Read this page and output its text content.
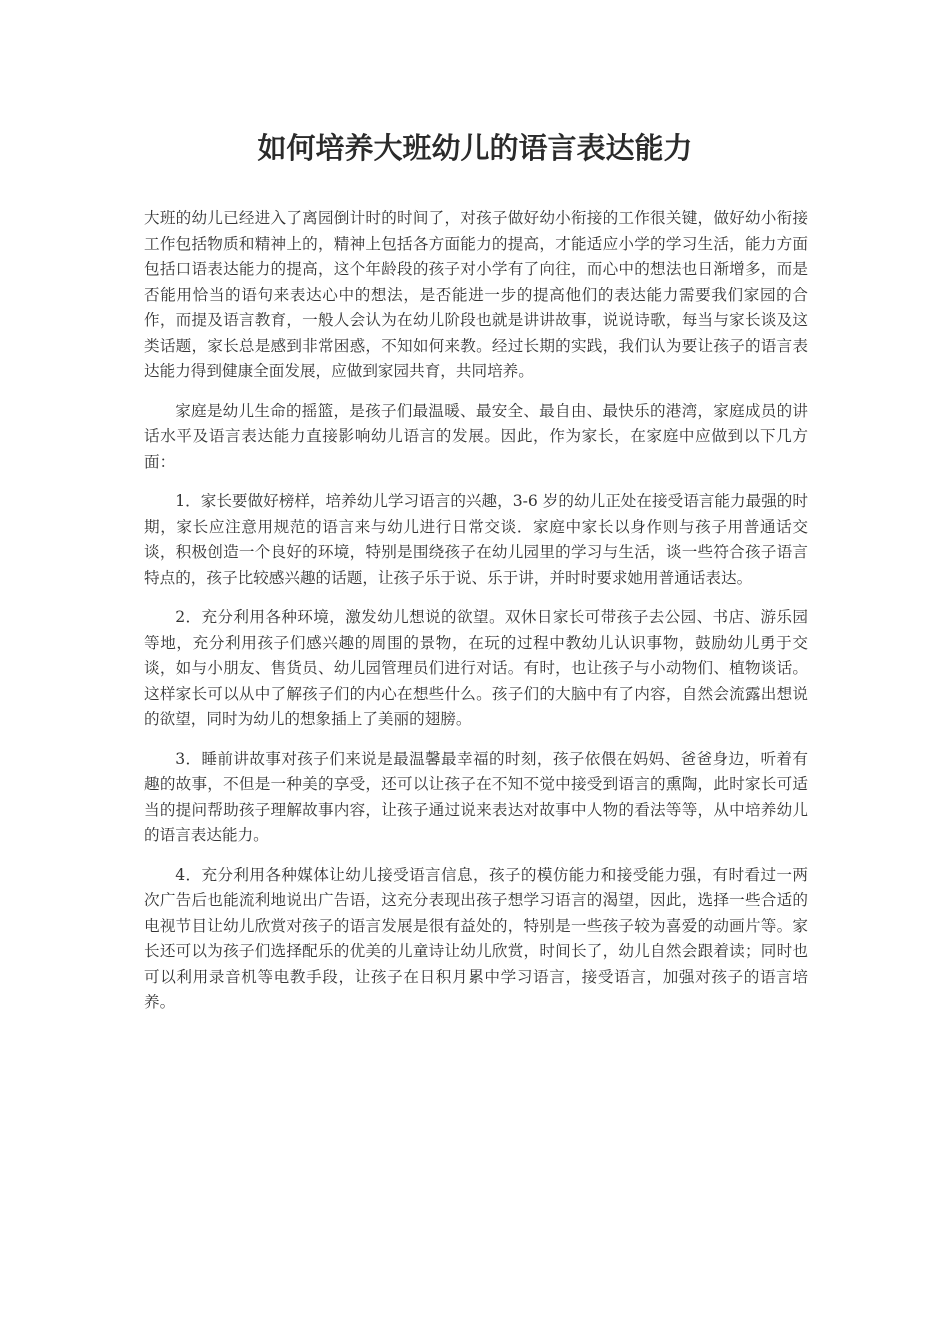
如何培养大班幼儿的语言表达能力

大班的幼儿已经进入了离园倒计时的时间了，对孩子做好幼小衔接的工作很关键，做好幼小衔接工作包括物质和精神上的，精神上包括各方面能力的提高，才能适应小学的学习生活，能力方面包括口语表达能力的提高，这个年龄段的孩子对小学有了向往，而心中的想法也日渐增多，而是否能用恰当的语句来表达心中的想法，是否能进一步的提高他们的表达能力需要我们家园的合作，而提及语言教育，一般人会认为在幼儿阶段也就是讲讲故事，说说诗歌，每当与家长谈及这类话题，家长总是感到非常困惑，不知如何来教。经过长期的实践，我们认为要让孩子的语言表达能力得到健康全面发展，应做到家园共育，共同培养。

家庭是幼儿生命的摇篮，是孩子们最温暖、最安全、最自由、最快乐的港湾，家庭成员的讲话水平及语言表达能力直接影响幼儿语言的发展。因此，作为家长，在家庭中应做到以下几方面：

1．家长要做好榜样，培养幼儿学习语言的兴趣，3-6 岁的幼儿正处在接受语言能力最强的时期，家长应注意用规范的语言来与幼儿进行日常交谈．家庭中家长以身作则与孩子用普通话交谈，积极创造一个良好的环境，特别是围绕孩子在幼儿园里的学习与生活，谈一些符合孩子语言特点的，孩子比较感兴趣的话题，让孩子乐于说、乐于讲，并时时要求她用普通话表达。

2．充分利用各种环境，激发幼儿想说的欲望。双休日家长可带孩子去公园、书店、游乐园等地，充分利用孩子们感兴趣的周围的景物，在玩的过程中教幼儿认识事物，鼓励幼儿勇于交谈，如与小朋友、售货员、幼儿园管理员们进行对话。有时，也让孩子与小动物们、植物谈话。这样家长可以从中了解孩子们的内心在想些什么。孩子们的大脑中有了内容，自然会流露出想说的欲望，同时为幼儿的想象插上了美丽的翅膀。

3．睡前讲故事对孩子们来说是最温馨最幸福的时刻，孩子依偎在妈妈、爸爸身边，听着有趣的故事，不但是一种美的享受，还可以让孩子在不知不觉中接受到语言的熏陶，此时家长可适当的提问帮助孩子理解故事内容，让孩子通过说来表达对故事中人物的看法等等，从中培养幼儿的语言表达能力。

4．充分利用各种媒体让幼儿接受语言信息，孩子的模仿能力和接受能力强，有时看过一两次广告后也能流利地说出广告语，这充分表现出孩子想学习语言的渴望，因此，选择一些合适的电视节目让幼儿欣赏对孩子的语言发展是很有益处的，特别是一些孩子较为喜爱的动画片等。家长还可以为孩子们选择配乐的优美的儿童诗让幼儿欣赏，时间长了，幼儿自然会跟着读；同时也可以利用录音机等电教手段，让孩子在日积月累中学习语言，接受语言，加强对孩子的语言培养。
